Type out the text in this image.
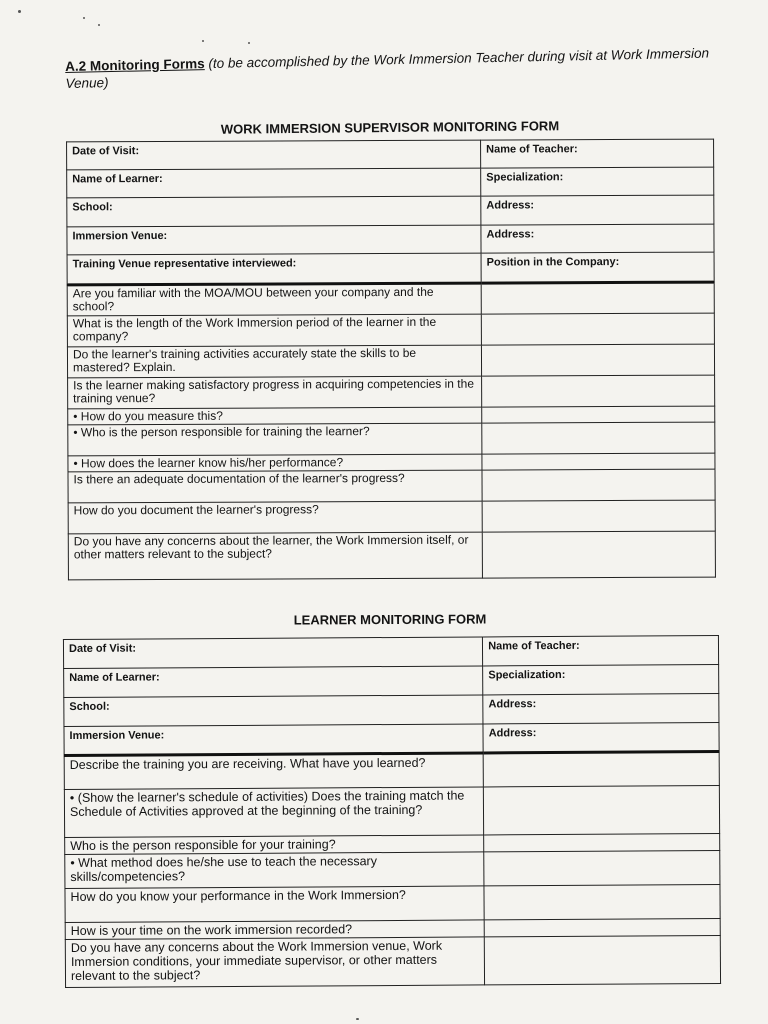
A.2 Monitoring Forms (to be accomplished by the Work Immersion Teacher during visit at Work Immersion Venue)
WORK IMMERSION SUPERVISOR MONITORING FORM
Date of Visit:	Name of Teacher:
Name of Learner:	Specialization:
School:	Address:
Immersion Venue:	Address:
Training Venue representative interviewed:	Position in the Company:
Are you familiar with the MOA/MOU between your company and the school?	
What is the length of the Work Immersion period of the learner in the company?	
Do the learner's training activities accurately state the skills to be mastered? Explain.	
Is the learner making satisfactory progress in acquiring competencies in the training venue?	
• How do you measure this?	
• Who is the person responsible for training the learner?	
• How does the learner know his/her performance?	
Is there an adequate documentation of the learner's progress?	
How do you document the learner's progress?	
Do you have any concerns about the learner, the Work Immersion itself, or other matters relevant to the subject?	
LEARNER MONITORING FORM
Date of Visit:	Name of Teacher:
Name of Learner:	Specialization:
School:	Address:
Immersion Venue:	Address:
Describe the training you are receiving. What have you learned?	
• (Show the learner's schedule of activities) Does the training match the Schedule of Activities approved at the beginning of the training?	
Who is the person responsible for your training?	
• What method does he/she use to teach the necessary skills/competencies?	
How do you know your performance in the Work Immersion?	
How is your time on the work immersion recorded?	
Do you have any concerns about the Work Immersion venue, Work Immersion conditions, your immediate supervisor, or other matters relevant to the subject?	
